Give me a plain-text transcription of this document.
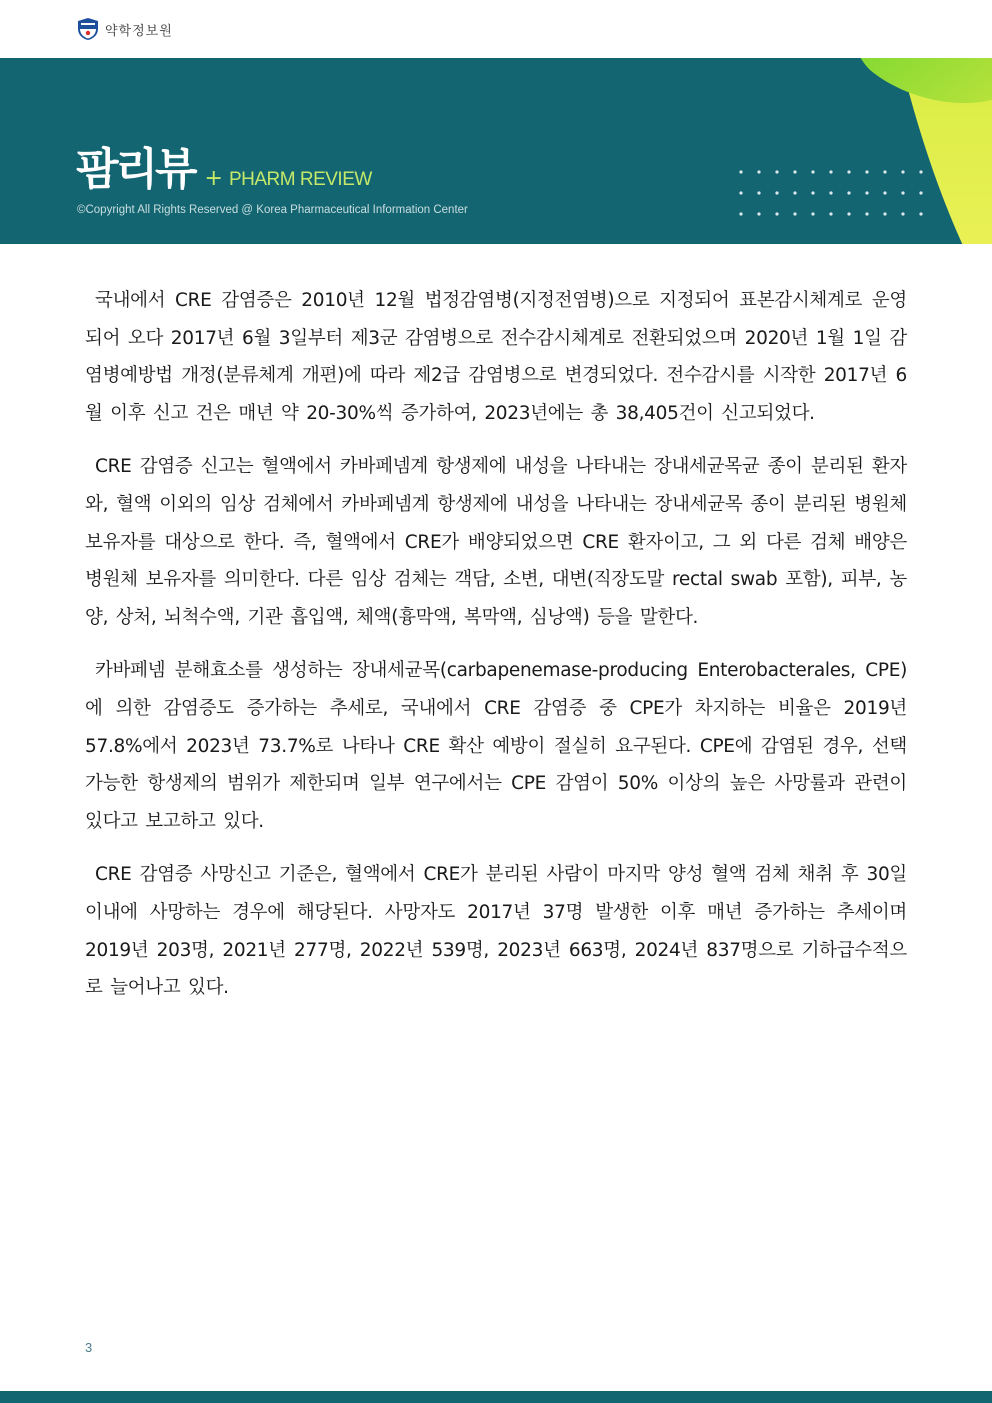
약학정보원
팜리뷰 + PHARM REVIEW
©Copyright All Rights Reserved @ Korea Pharmaceutical Information Center

국내에서 CRE 감염증은 2010년 12월 법정감염병(지정전염병)으로 지정되어 표본감시체계로 운영되어 오다 2017년 6월 3일부터 제3군 감염병으로 전수감시체계로 전환되었으며 2020년 1월 1일 감염병예방법 개정(분류체계 개편)에 따라 제2급 감염병으로 변경되었다. 전수감시를 시작한 2017년 6월 이후 신고 건은 매년 약 20-30%씩 증가하여, 2023년에는 총 38,405건이 신고되었다.

CRE 감염증 신고는 혈액에서 카바페넴계 항생제에 내성을 나타내는 장내세균목균 종이 분리된 환자와, 혈액 이외의 임상 검체에서 카바페넴계 항생제에 내성을 나타내는 장내세균목 종이 분리된 병원체 보유자를 대상으로 한다. 즉, 혈액에서 CRE가 배양되었으면 CRE 환자이고, 그 외 다른 검체 배양은 병원체 보유자를 의미한다. 다른 임상 검체는 객담, 소변, 대변(직장도말 rectal swab 포함), 피부, 농양, 상처, 뇌척수액, 기관 흡입액, 체액(흉막액, 복막액, 심낭액) 등을 말한다.

카바페넴 분해효소를 생성하는 장내세균목(carbapenemase-producing Enterobacterales, CPE)에 의한 감염증도 증가하는 추세로, 국내에서 CRE 감염증 중 CPE가 차지하는 비율은 2019년 57.8%에서 2023년 73.7%로 나타나 CRE 확산 예방이 절실히 요구된다. CPE에 감염된 경우, 선택 가능한 항생제의 범위가 제한되며 일부 연구에서는 CPE 감염이 50% 이상의 높은 사망률과 관련이 있다고 보고하고 있다.

CRE 감염증 사망신고 기준은, 혈액에서 CRE가 분리된 사람이 마지막 양성 혈액 검체 채취 후 30일 이내에 사망하는 경우에 해당된다. 사망자도 2017년 37명 발생한 이후 매년 증가하는 추세이며 2019년 203명, 2021년 277명, 2022년 539명, 2023년 663명, 2024년 837명으로 기하급수적으로 늘어나고 있다.

3
